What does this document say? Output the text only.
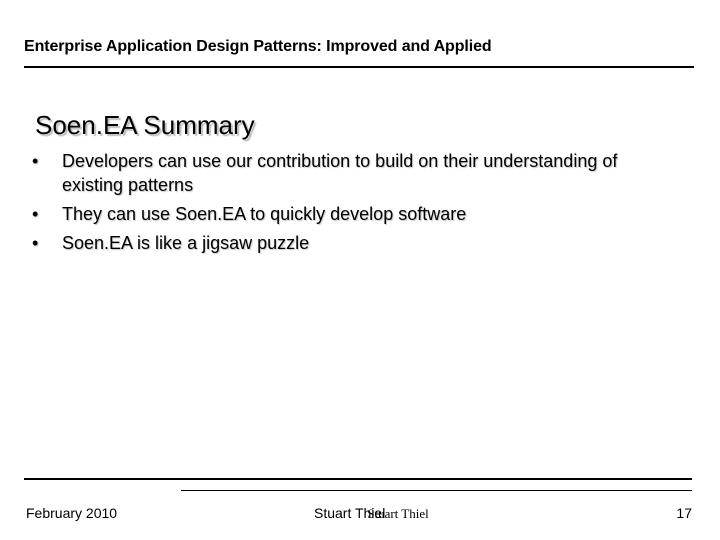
Enterprise Application Design Patterns: Improved and Applied
Soen.EA Summary
•	Developers can use our contribution to build on their understanding of existing patterns
•	They can use Soen.EA to quickly develop software
•	Soen.EA is like a jigsaw puzzle
February 2010	Stuart Thiel Stuart Thiel	17
